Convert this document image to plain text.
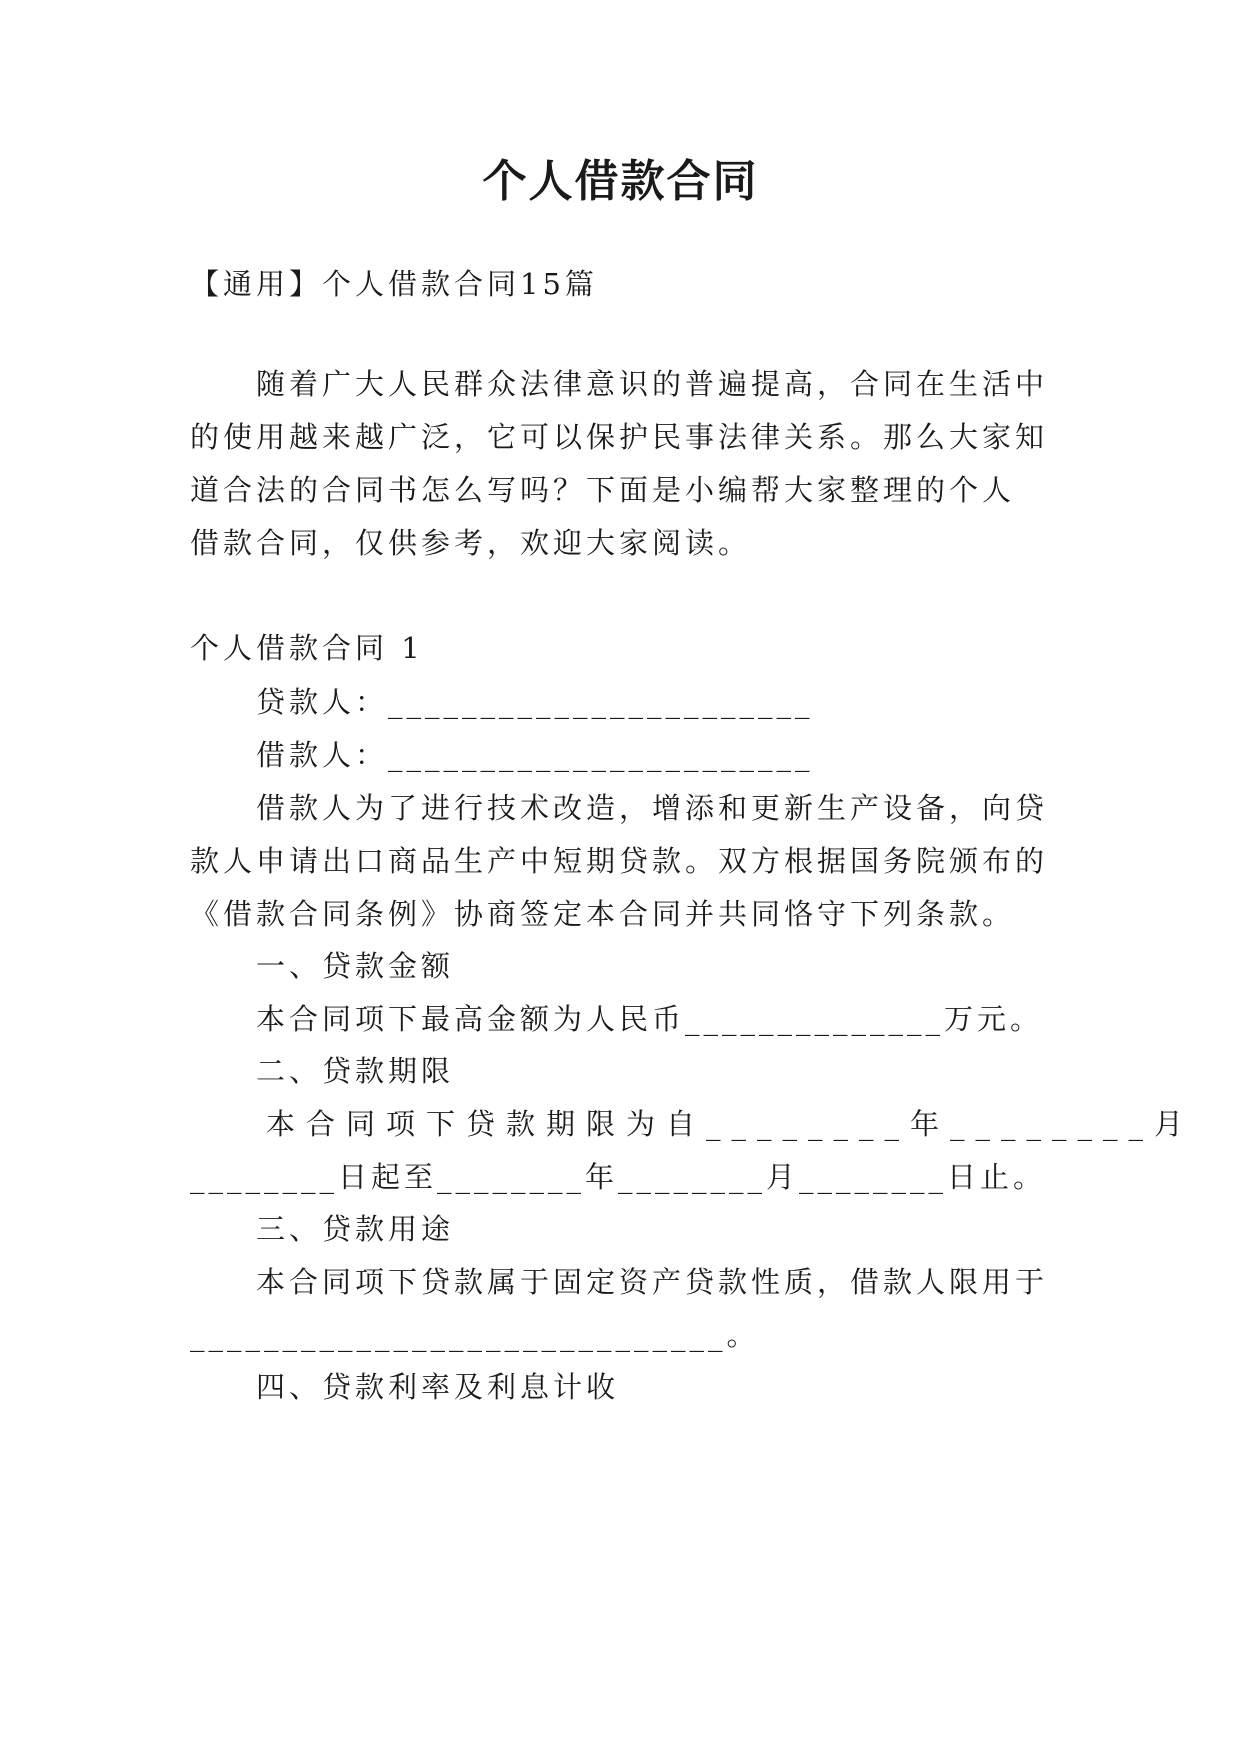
个人借款合同
【通用】个人借款合同15篇
随着广大人民群众法律意识的普遍提高，合同在生活中
的使用越来越广泛，它可以保护民事法律关系。那么大家知
道合法的合同书怎么写吗？下面是小编帮大家整理的个人
借款合同，仅供参考，欢迎大家阅读。
个人借款合同 1
贷款人：_______________________
借款人：_______________________
借款人为了进行技术改造，增添和更新生产设备，向贷
款人申请出口商品生产中短期贷款。双方根据国务院颁布的
《借款合同条例》协商签定本合同并共同恪守下列条款。
一、贷款金额
本合同项下最高金额为人民币______________万元。
二、贷款期限
本合同项下贷款期限为自________年________月
________日起至________年________月________日止。
三、贷款用途
本合同项下贷款属于固定资产贷款性质，借款人限用于
_____________________________。
四、贷款利率及利息计收
